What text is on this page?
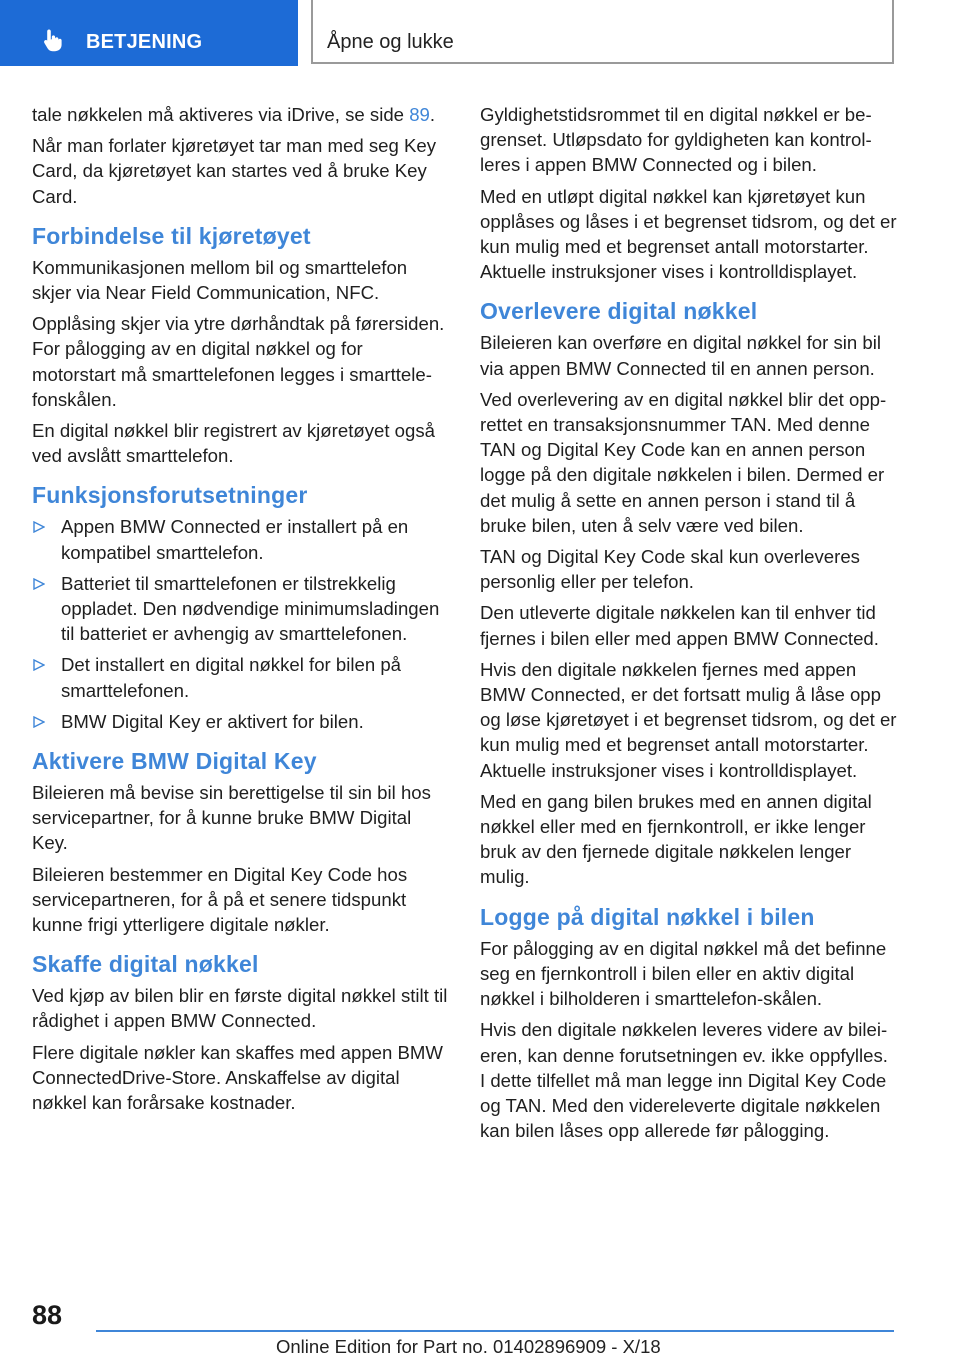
BETJENING	Åpne og lukke

tale nøkkelen må aktiveres via iDrive, se side 89.

Når man forlater kjøretøyet tar man med seg Key Card, da kjøretøyet kan startes ved å bruke Key Card.

Forbindelse til kjøretøyet

Kommunikasjonen mellom bil og smarttelefon skjer via Near Field Communication, NFC.

Opplåsing skjer via ytre dørhåndtak på førersiden. For pålogging av en digital nøkkel og for motorstart må smarttelefonen legges i smarttelefonskålen.

En digital nøkkel blir registrert av kjøretøyet også ved avslått smarttelefon.

Funksjonsforutsetninger
Appen BMW Connected er installert på en kompatibel smarttelefon.
Batteriet til smarttelefonen er tilstrekkelig oppladet. Den nødvendige minimumsladingen til batteriet er avhengig av smarttelefonen.
Det installert en digital nøkkel for bilen på smarttelefonen.
BMW Digital Key er aktivert for bilen.
Aktivere BMW Digital Key

Bileieren må bevise sin berettigelse til sin bil hos servicepartner, for å kunne bruke BMW Digital Key.

Bileieren bestemmer en Digital Key Code hos servicepartneren, for å på et senere tidspunkt kunne frigi ytterligere digitale nøkler.

Skaffe digital nøkkel

Ved kjøp av bilen blir en første digital nøkkel stilt til rådighet i appen BMW Connected.

Flere digitale nøkler kan skaffes med appen BMW ConnectedDrive-Store. Anskaffelse av digital nøkkel kan forårsake kostnader.

Gyldighetstidsrommet til en digital nøkkel er begrenset. Utløpsdato for gyldigheten kan kontrolleres i appen BMW Connected og i bilen.

Med en utløpt digital nøkkel kan kjøretøyet kun opplåses og låses i et begrenset tidsrom, og det er kun mulig med et begrenset antall motorstarter. Aktuelle instruksjoner vises i kontrolldisplayet.

Overlevere digital nøkkel

Bileieren kan overføre en digital nøkkel for sin bil via appen BMW Connected til en annen person.

Ved overlevering av en digital nøkkel blir det opprettet en transaksjonsnummer TAN. Med denne TAN og Digital Key Code kan en annen person logge på den digitale nøkkelen i bilen. Dermed er det mulig å sette en annen person i stand til å bruke bilen, uten å selv være ved bilen.

TAN og Digital Key Code skal kun overleveres personlig eller per telefon.

Den utleverte digitale nøkkelen kan til enhver tid fjernes i bilen eller med appen BMW Connected.

Hvis den digitale nøkkelen fjernes med appen BMW Connected, er det fortsatt mulig å låse opp og løse kjøretøyet i et begrenset tidsrom, og det er kun mulig med et begrenset antall motorstarter. Aktuelle instruksjoner vises i kontrolldisplayet.

Med en gang bilen brukes med en annen digital nøkkel eller med en fjernkontroll, er ikke lenger bruk av den fjernede digitale nøkkelen lenger mulig.

Logge på digital nøkkel i bilen

For pålogging av en digital nøkkel må det befinne seg en fjernkontroll i bilen eller en aktiv digital nøkkel i bilholderen i smarttelefon-skålen.

Hvis den digitale nøkkelen leveres videre av bileieren, kan denne forutsetningen ev. ikke oppfylles. I dette tilfellet må man legge inn Digital Key Code og TAN. Med den videreleverte digitale nøkkelen kan bilen låses opp allerede før pålogging.

88
Online Edition for Part no. 01402896909 - X/18
